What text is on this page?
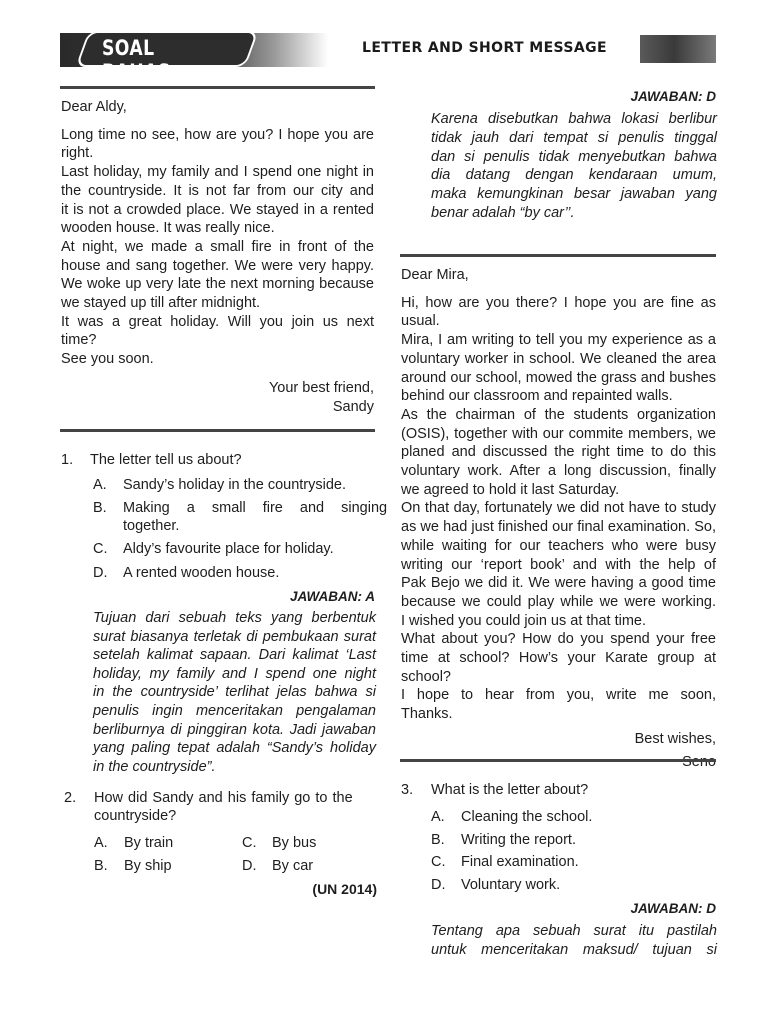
SOAL BAHAS
LETTER AND SHORT MESSAGE

Dear Aldy,

Long time no see, how are you? I hope you are
right.
Last holiday, my family and I spend one night in
the countryside. It is not far from our city and
it is not a crowded place. We stayed in a rented
wooden house. It was really nice.
At night, we made a small fire in front of the
house and sang together. We were very happy.
We woke up very late the next morning because
we stayed up till after midnight.
It was a great holiday. Will you join us next
time?
See you soon.

Your best friend,

Sandy

1. The letter tell us about?
A. Sandy’s holiday in the countryside.
B. Making a small fire and singing
together.
C. Aldy’s favourite place for holiday.
D. A rented wooden house.
JAWABAN: A
Tujuan dari sebuah teks yang berbentuk
surat biasanya terletak di pembukaan surat
setelah kalimat sapaan. Dari kalimat ‘Last
holiday, my family and I spend one night
in the countryside’ terlihat jelas bahwa si
penulis ingin menceritakan pengalaman
berliburnya di pinggiran kota. Jadi jawaban
yang paling tepat adalah “Sandy’s holiday
in the countryside”.
2. How did Sandy and his family go to the
countryside?
A. By train	C. By bus
B. By ship	D. By car
(UN 2014)
JAWABAN: D
Karena disebutkan bahwa lokasi berlibur
tidak jauh dari tempat si penulis tinggal
dan si penulis tidak menyebutkan bahwa
dia datang dengan kendaraan umum,
maka kemungkinan besar jawaban yang
benar adalah “by car’’.

Dear Mira,

Hi, how are you there? I hope you are fine as usual.
Mira, I am writing to tell you my experience as a
voluntary worker in school. We cleaned the area
around our school, mowed the grass and bushes
behind our classroom and repainted walls.
As the chairman of the students organization
(OSIS), together with our commite members, we
planed and discussed the right time to do this
voluntary work. After a long discussion, finally
we agreed to hold it last Saturday.
On that day, fortunately we did not have to study
as we had just finished our final examination. So,
while waiting for our teachers who were busy
writing our ‘report book’ and with the help of
Pak Bejo we did it. We were having a good time
because we could play while we were working.
I wished you could join us at that time.
What about you? How do you spend your free
time at school? How’s your Karate group at
school?
I hope to hear from you, write me soon,
Thanks.

Best wishes,

3. What is the letter about?
A. Cleaning the school.
B. Writing the report.
C. Final examination.
D. Voluntary work.
JAWABAN: D
Tentang apa sebuah surat itu pastilah
untuk menceritakan maksud/ tujuan si
